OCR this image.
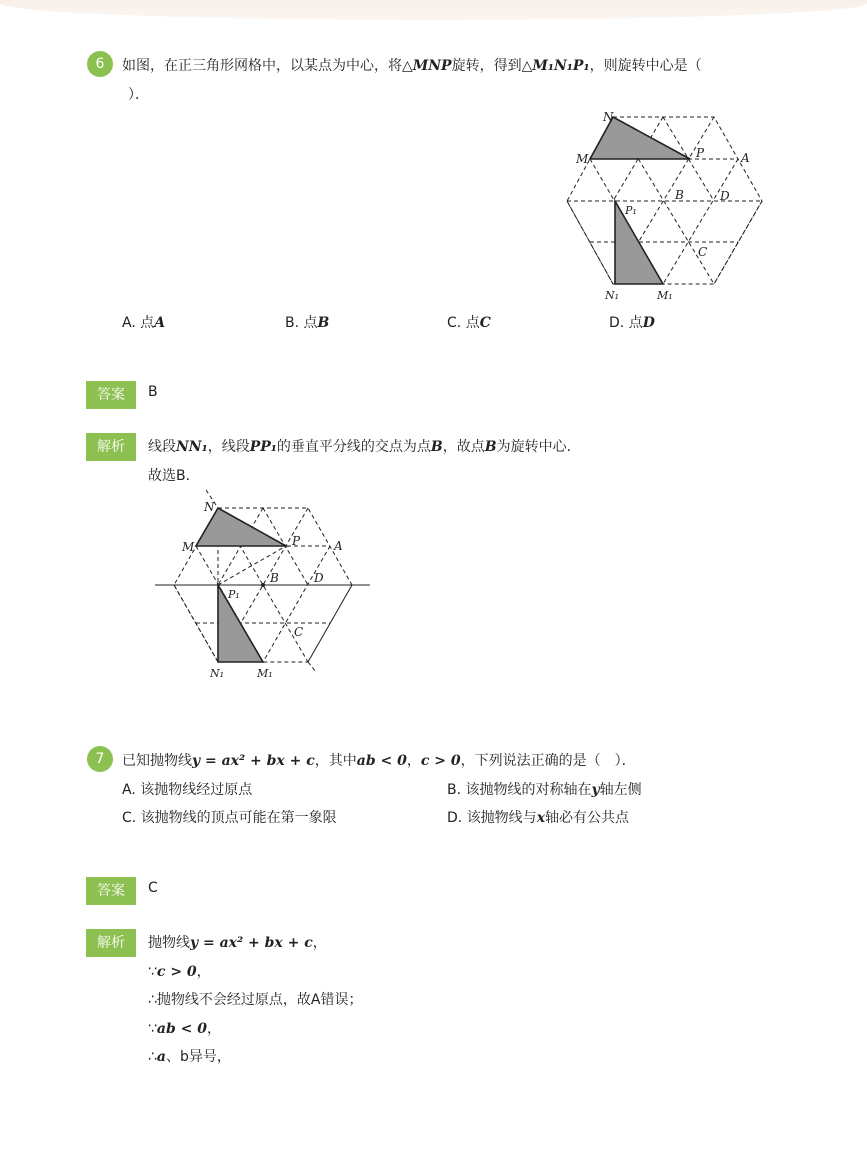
6	如图，在正三角形网格中，以某点为中心，将△MNP旋转，得到△M₁N₁P₁，则旋转中心是（
）．
N
M	P	A
B	D
C
P₁
N₁	M₁
A. 点A	B. 点B	C. 点C	D. 点D
答案	B
解析	线段NN₁，线段PP₁的垂直平分线的交点为点B，故点B为旋转中心．
故选B．
N
M	P	A
B	D
C
P₁
N₁	M₁
7	已知抛物线y = ax² + bx + c，其中ab < 0，c > 0，下列说法正确的是（　）．
A. 该抛物线经过原点	B. 该抛物线的对称轴在y轴左侧
C. 该抛物线的顶点可能在第一象限	D. 该抛物线与x轴必有公共点
答案	C
解析	抛物线y = ax² + bx + c，
∵c > 0，
∴抛物线不会经过原点，故A错误；
∵ab < 0，
∴a、b异号，
